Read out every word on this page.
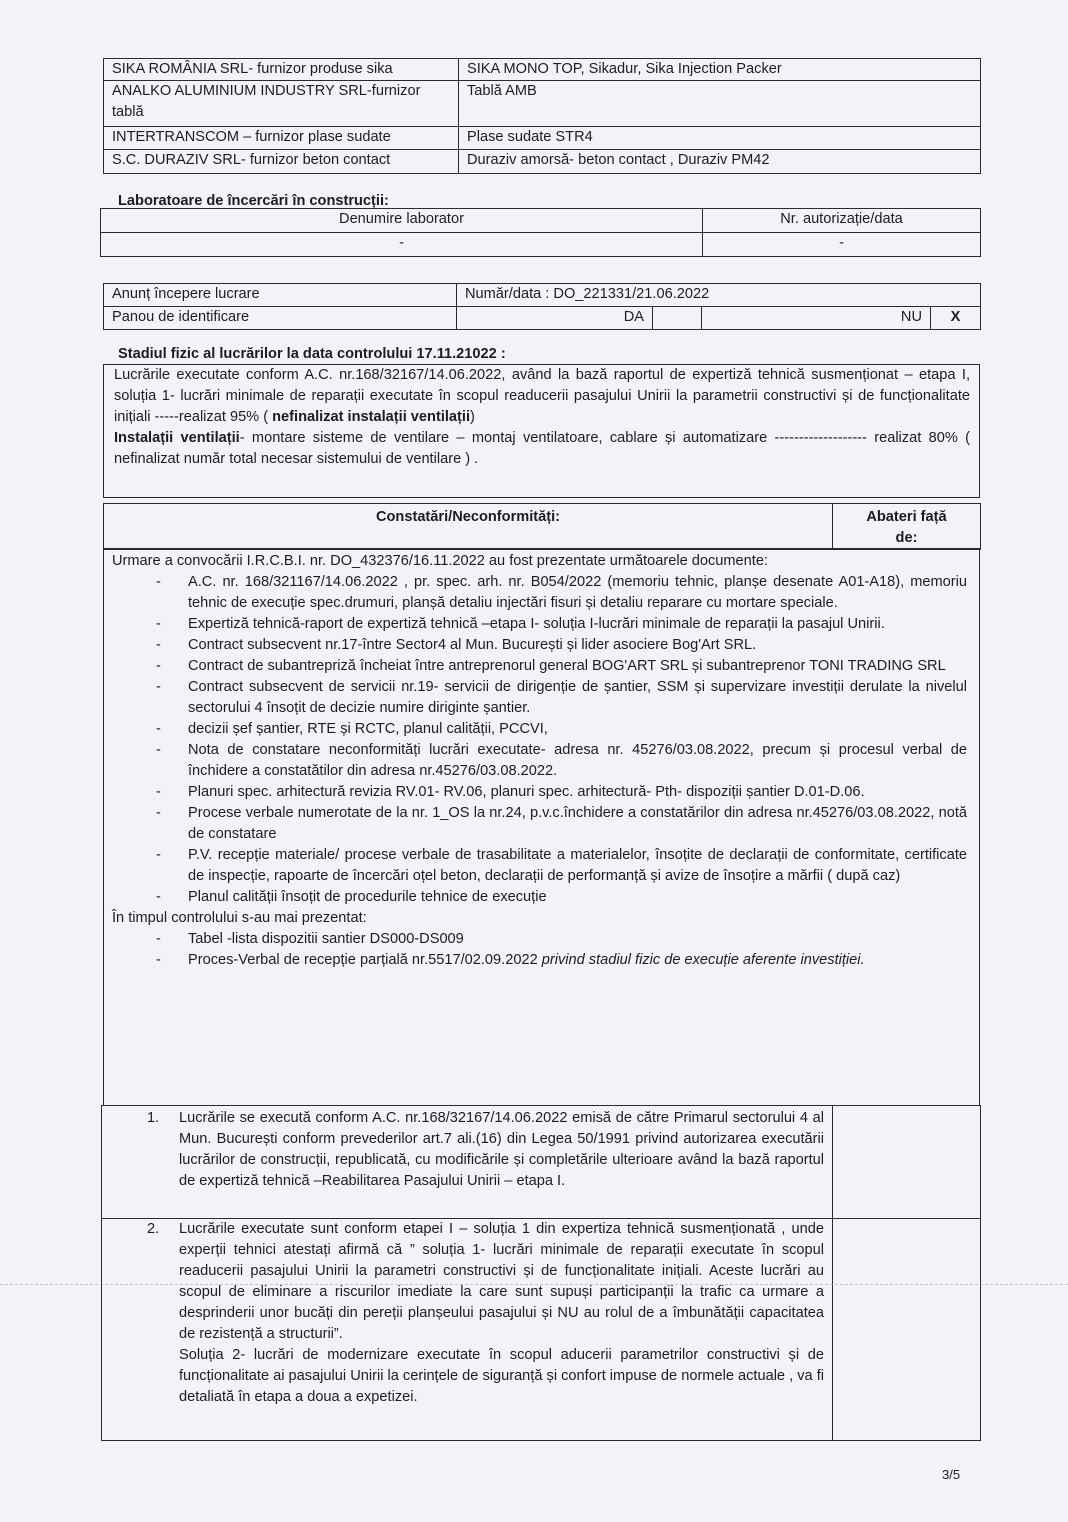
SIKA ROMÂNIA SRL- furnizor produse sika	SIKA MONO TOP, Sikadur, Sika Injection Packer
ANALKO ALUMINIUM INDUSTRY SRL-furnizor tablă	Tablă AMB
INTERTRANSCOM – furnizor plase sudate	Plase sudate STR4
S.C. DURAZIV SRL- furnizor beton contact	Duraziv amorsă- beton contact , Duraziv PM42
Laboratoare de încercări în construcții:
Denumire laborator	Nr. autorizație/data
-	-
Anunț începere lucrare	Număr/data : DO_221331/21.06.2022			
Panou de identificare	DA		NU	X
Stadiul fizic al lucrărilor la data controlului 17.11.21022 :
Lucrările executate conform A.C. nr.168/32167/14.06.2022, având la bază raportul de expertiză tehnică susmenționat – etapa I, soluția 1- lucrări minimale de reparații executate în scopul readucerii pasajului Unirii la parametrii constructivi și de funcționalitate inițiali -----realizat 95% ( nefinalizat instalații ventilații)
Instalații ventilații- montare sisteme de ventilare – montaj ventilatoare, cablare și automatizare ------------------- realizat 80% ( nefinalizat număr total necesar sistemului de ventilare ) .
Constatări/Neconformități:	Abateri față de:
Urmare a convocării I.R.C.B.I. nr. DO_432376/16.11.2022 au fost prezentate următoarele documente:
- A.C. nr. 168/321167/14.06.2022 , pr. spec. arh. nr. B054/2022 (memoriu tehnic, planșe desenate A01-A18), memoriu tehnic de execuție spec.drumuri, planșă detaliu injectări fisuri și detaliu reparare cu mortare speciale.
- Expertiză tehnică-raport de expertiză tehnică –etapa I- soluția I-lucrări minimale de reparații la pasajul Unirii.
- Contract subsecvent nr.17-între Sector4 al Mun. București și lider asociere Bog'Art SRL.
- Contract de subantrepriză încheiat între antreprenorul general BOG'ART SRL și subantreprenor TONI TRADING SRL
- Contract subsecvent de servicii nr.19- servicii de dirigenție de șantier, SSM și supervizare investiții derulate la nivelul sectorului 4 însoțit de decizie numire diriginte șantier.
- decizii șef șantier, RTE și RCTC, planul calității, PCCVI,
- Nota de constatare neconformități lucrări executate- adresa nr. 45276/03.08.2022, precum și procesul verbal de închidere a constatătilor din adresa nr.45276/03.08.2022.
- Planuri spec. arhitectură revizia RV.01- RV.06, planuri spec. arhitectură- Pth- dispoziții șantier D.01-D.06.
- Procese verbale numerotate de la nr. 1_OS la nr.24, p.v.c.închidere a constatărilor din adresa nr.45276/03.08.2022, notă de constatare
- P.V. recepție materiale/ procese verbale de trasabilitate a materialelor, însoțite de declarații de conformitate, certificate de inspecție, rapoarte de încercări oțel beton, declarații de performanță și avize de însoțire a mărfii ( după caz)
- Planul calității însoțit de procedurile tehnice de execuție
În timpul controlului s-au mai prezentat:
- Tabel -lista dispozitii santier DS000-DS009
- Proces-Verbal de recepție parțială nr.5517/02.09.2022 privind stadiul fizic de execuție aferente investiției.
1. Lucrările se execută conform A.C. nr.168/32167/14.06.2022 emisă de către Primarul sectorului 4 al Mun. București conform prevederilor art.7 ali.(16) din Legea 50/1991 privind autorizarea executării lucrărilor de construcții, republicată, cu modificările și completările ulterioare având la bază raportul de expertiză tehnică –Reabilitarea Pasajului Unirii – etapa I.	

2. Lucrările executate sunt conform etapei I – soluția 1 din expertiza tehnică susmenționată , unde experții tehnici atestați afirmă că ” soluția 1- lucrări minimale de reparații executate în scopul readucerii pasajului Unirii la parametri constructivi și de funcționalitate inițiali. Aceste lucrări au scopul de eliminare a riscurilor imediate la care sunt supuși participanții la trafic ca urmare a desprinderii unor bucăți din pereții planșeului pasajului și NU au rolul de a îmbunătății capacitatea de rezistență a structurii”.
Soluția 2- lucrări de modernizare executate în scopul aducerii parametrilor constructivi și de funcționalitate ai pasajului Unirii la cerințele de siguranță și confort impuse de normele actuale , va fi detaliată în etapa a doua a expetizei.	

3/5
